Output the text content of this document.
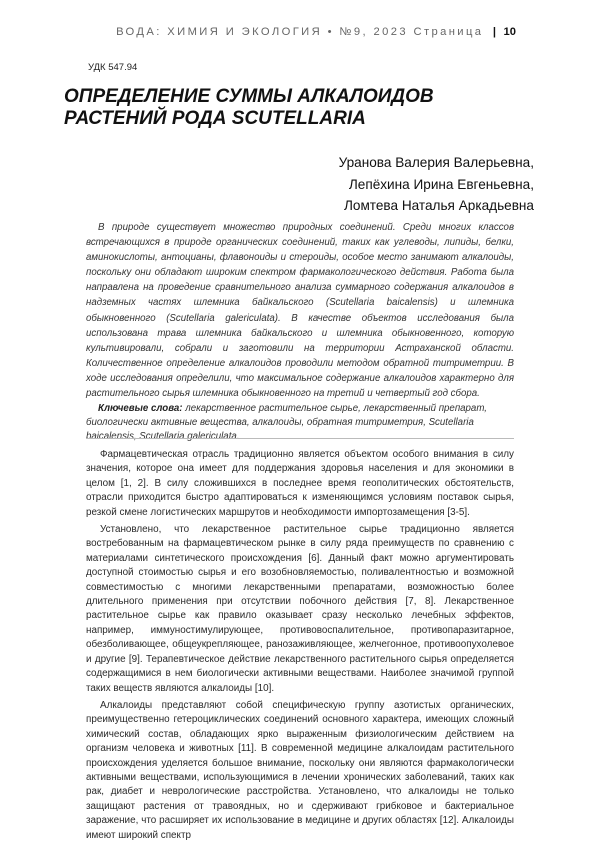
ВОДА: ХИМИЯ И ЭКОЛОГИЯ • №9, 2023 Страница | 10
УДК 547.94
ОПРЕДЕЛЕНИЕ СУММЫ АЛКАЛОИДОВ РАСТЕНИЙ РОДА SCUTELLARIA
Уранова Валерия Валерьевна,
Лепёхина Ирина Евгеньевна,
Ломтева Наталья Аркадьевна

В природе существует множество природных соединений. Среди многих классов встречающихся в природе органических соединений, таких как углеводы, липиды, белки, аминокислоты, антоцианы, флавоноиды и стероиды, особое место занимают алкалоиды, поскольку они обладают широким спектром фармакологического действия. Работа была направлена на проведение сравнительного анализа суммарного содержания алкалоидов в надземных частях шлемника байкальского (Scutellaria baicalensis) и шлемника обыкновенного (Scutellaria galericulata). В качестве объектов исследования была использована трава шлемника байкальского и шлемника обыкновенного, которую культивировали, собрали и заготовили на территории Астраханской области. Количественное определение алкалоидов проводили методом обратной титриметрии. В ходе исследования определили, что максимальное содержание алкалоидов характерно для растительного сырья шлемника обыкновенного на третий и четвертый год сбора.

Ключевые слова: лекарственное растительное сырье, лекарственный препарат, биологически активные вещества, алкалоиды, обратная титриметрия, Scutellaria baicalensis, Scutellaria galericulata.

Фармацевтическая отрасль традиционно является объектом особого внимания в силу значения, которое она имеет для поддержания здоровья населения и для экономики в целом [1, 2]. В силу сложившихся в последнее время геополитических обстоятельств, отрасли приходится быстро адаптироваться к изменяющимся условиям поставок сырья, резкой смене логистических маршрутов и необходимости импортозамещения [3-5].

Установлено, что лекарственное растительное сырье традиционно является востребованным на фармацевтическом рынке в силу ряда преимуществ по сравнению с материалами синтетического происхождения [6]. Данный факт можно аргументировать доступной стоимостью сырья и его возобновляемостью, поливалентностью и возможной совместимостью с многими лекарственными препаратами, возможностью более длительного применения при отсутствии побочного действия [7, 8]. Лекарственное растительное сырье как правило оказывает сразу несколько лечебных эффектов, например, иммуностимулирующее, противовоспалительное, противопаразитарное, обезболивающее, общеукрепляющее, ранозаживляющее, желчегонное, противоопухолевое и другие [9]. Терапевтическое действие лекарственного растительного сырья определяется содержащимися в нем биологически активными веществами. Наиболее значимой группой таких веществ являются алкалоиды [10].

Алкалоиды представляют собой специфическую группу азотистых органических, преимущественно гетероциклических соединений основного характера, имеющих сложный химический состав, обладающих ярко выраженным физиологическим действием на организм человека и животных [11]. В современной медицине алкалоидам растительного происхождения уделяется большое внимание, поскольку они являются фармакологически активными веществами, использующимися в лечении хронических заболеваний, таких как рак, диабет и неврологические расстройства. Установлено, что алкалоиды не только защищают растения от травоядных, но и сдерживают грибковое и бактериальное заражение, что расширяет их использование в медицине и других областях [12]. Алкалоиды имеют широкий спектр
